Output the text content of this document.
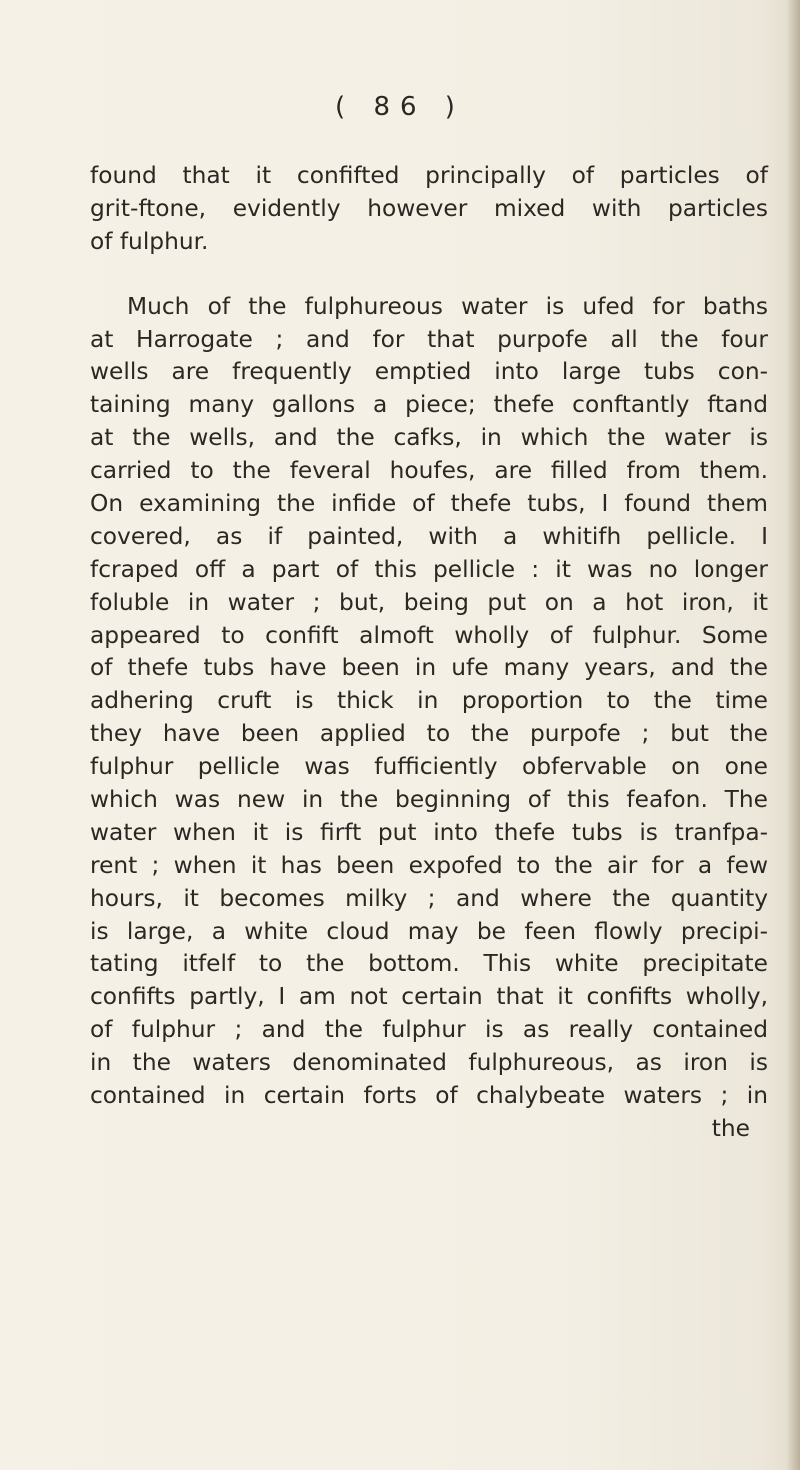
( 86 )
found that it confifted principally of particles of
grit-ftone, evidently however mixed with particles
of fulphur.
Much of the fulphureous water is ufed for baths
at Harrogate ; and for that purpofe all the four
wells are frequently emptied into large tubs con-
taining many gallons a piece; thefe conftantly ftand
at the wells, and the cafks, in which the water is
carried to the feveral houfes, are filled from them.
On examining the infide of thefe tubs, I found them
covered, as if painted, with a whitifh pellicle. I
fcraped off a part of this pellicle : it was no longer
foluble in water ; but, being put on a hot iron, it
appeared to confift almoft wholly of fulphur. Some
of thefe tubs have been in ufe many years, and the
adhering cruft is thick in proportion to the time
they have been applied to the purpofe ; but the
fulphur pellicle was fufficiently obfervable on one
which was new in the beginning of this feafon. The
water when it is firft put into thefe tubs is tranfpa-
rent ; when it has been expofed to the air for a few
hours, it becomes milky ; and where the quantity
is large, a white cloud may be feen flowly precipi-
tating itfelf to the bottom. This white precipitate
confifts partly, I am not certain that it confifts wholly,
of fulphur ; and the fulphur is as really contained
in the waters denominated fulphureous, as iron is
contained in certain forts of chalybeate waters ; in
the
